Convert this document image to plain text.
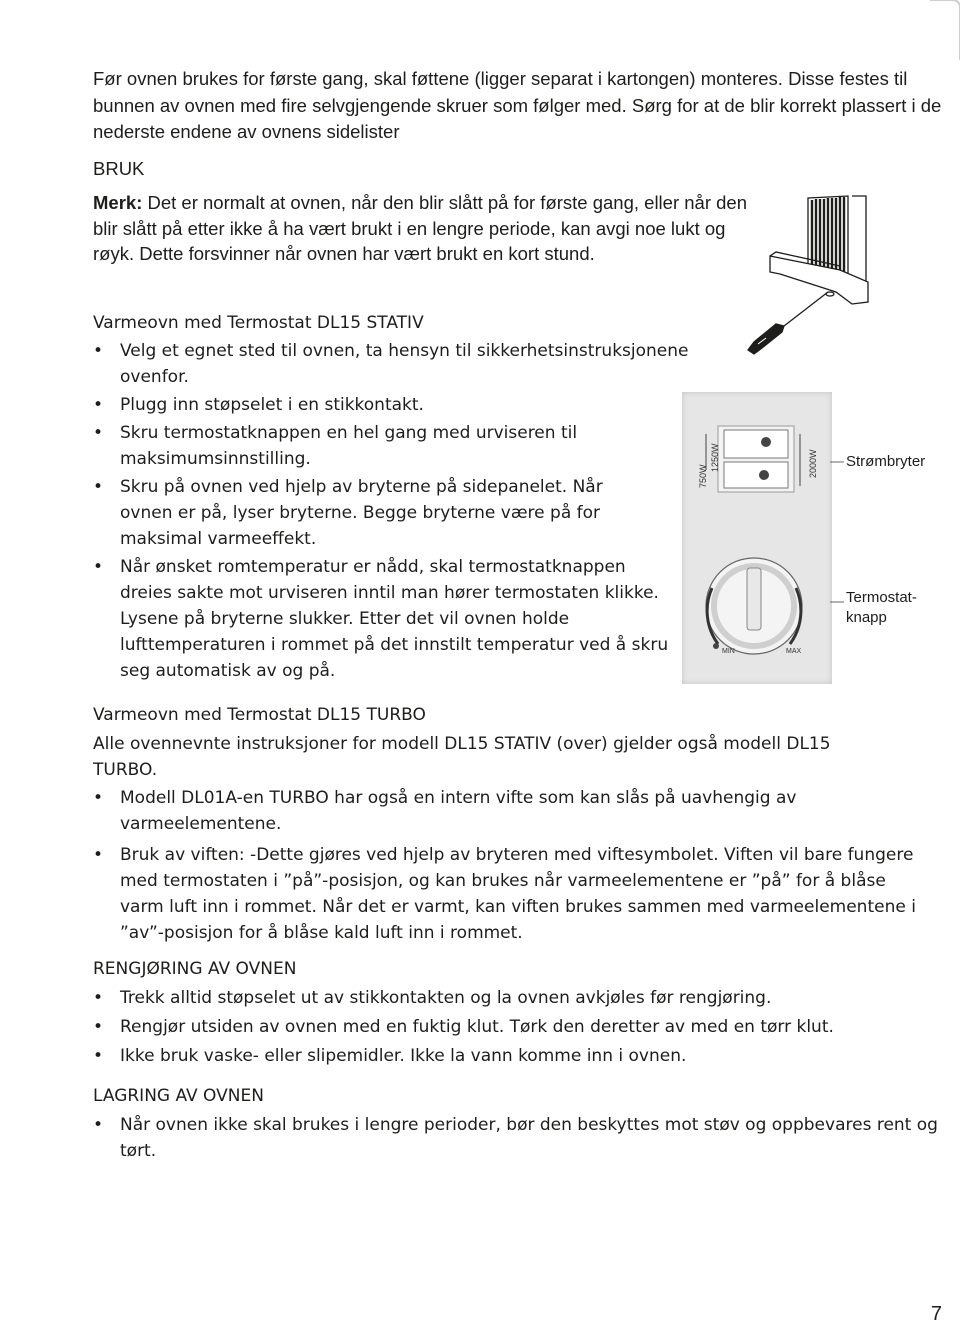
Før ovnen brukes for første gang, skal føttene (ligger separat i kartongen) monteres. Disse festes til bunnen av ovnen med fire selvgjengende skruer som følger med. Sørg for at de blir korrekt plassert i de nederste endene av ovnens sidelister

BRUK

Merk: Det er normalt at ovnen, når den blir slått på for første gang, eller når den blir slått på etter ikke å ha vært brukt i en lengre periode, kan avgi noe lukt og røyk. Dette forsvinner når ovnen har vært brukt en kort stund.

Varmeovn med Termostat DL15 STATIV

• Velg et egnet sted til ovnen, ta hensyn til sikkerhetsinstruksjonene ovenfor.
• Plugg inn støpselet i en stikkontakt.
• Skru termostatknappen en hel gang med urviseren til maksimumsinnstilling.
• Skru på ovnen ved hjelp av bryterne på sidepanelet. Når ovnen er på, lyser bryterne. Begge bryterne være på for maksimal varmeeffekt.
• Når ønsket romtemperatur er nådd, skal termostatknappen dreies sakte mot urviseren inntil man hører termostaten klikke. Lysene på bryterne slukker. Etter det vil ovnen holde lufttemperaturen i rommet på det innstilt temperatur ved å skru seg automatisk av og på.
750W
1250W	2000W
MIN	MAX
Strømbryter
Termostat-
knapp

Varmeovn med Termostat DL15 TURBO

Alle ovennevnte instruksjoner for modell DL15 STATIV (over) gjelder også modell DL15 TURBO.

• Modell DL01A-en TURBO har også en intern vifte som kan slås på uavhengig av varmeelementene.
• Bruk av viften: -Dette gjøres ved hjelp av bryteren med viftesymbolet. Viften vil bare fungere med termostaten i ”på”-posisjon, og kan brukes når varmeelementene er ”på” for å blåse varm luft inn i rommet. Når det er varmt, kan viften brukes sammen med varmeelementene i ”av”-posisjon for å blåse kald luft inn i rommet.

RENGJØRING AV OVNEN

• Trekk alltid støpselet ut av stikkontakten og la ovnen avkjøles før rengjøring.
• Rengjør utsiden av ovnen med en fuktig klut. Tørk den deretter av med en tørr klut.
• Ikke bruk vaske- eller slipemidler. Ikke la vann komme inn i ovnen.

LAGRING AV OVNEN

• Når ovnen ikke skal brukes i lengre perioder, bør den beskyttes mot støv og oppbevares rent og tørt.
7
